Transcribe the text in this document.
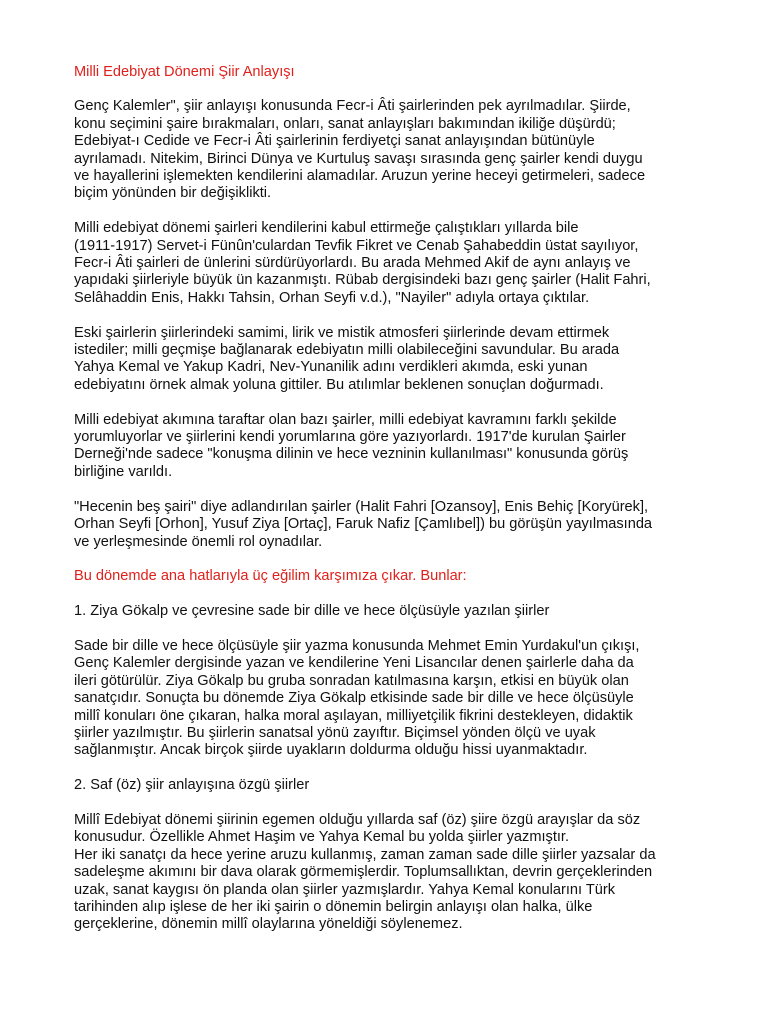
Milli Edebiyat Dönemi Şiir Anlayışı

Genç Kalemler", şiir anlayışı konusunda Fecr-i Âti şairlerinden pek ayrılmadılar. Şiirde,
konu seçimini şaire bırakmaları, onları, sanat anlayışları bakımından ikiliğe düşürdü;
Edebiyat-ı Cedide ve Fecr-i Âti şairlerinin ferdiyetçi sanat anlayışından bütünüyle
ayrılamadı. Nitekim, Birinci Dünya ve Kurtuluş savaşı sırasında genç şairler kendi duygu
ve hayallerini işlemekten kendilerini alamadılar. Aruzun yerine heceyi getirmeleri, sadece
biçim yönünden bir değişiklikti.

Milli edebiyat dönemi şairleri kendilerini kabul ettirmeğe çalıştıkları yıllarda bile
(1911-1917) Servet-i Fünûn'culardan Tevfik Fikret ve Cenab Şahabeddin üstat sayılıyor,
Fecr-i Âti şairleri de ünlerini sürdürüyorlardı. Bu arada Mehmed Akif de aynı anlayış ve
yapıdaki şiirleriyle büyük ün kazanmıştı. Rübab dergisindeki bazı genç şairler (Halit Fahri,
Selâhaddin Enis, Hakkı Tahsin, Orhan Seyfi v.d.), "Nayiler" adıyla ortaya çıktılar.

Eski şairlerin şiirlerindeki samimi, lirik ve mistik atmosferi şiirlerinde devam ettirmek
istediler; milli geçmişe bağlanarak edebiyatın milli olabileceğini savundular. Bu arada
Yahya Kemal ve Yakup Kadri, Nev-Yunanilik adını verdikleri akımda, eski yunan
edebiyatını örnek almak yoluna gittiler. Bu atılımlar beklenen sonuçlan doğurmadı.

Milli edebiyat akımına taraftar olan bazı şairler, milli edebiyat kavramını farklı şekilde
yorumluyorlar ve şiirlerini kendi yorumlarına göre yazıyorlardı. 1917'de kurulan Şairler
Derneği'nde sadece "konuşma dilinin ve hece vezninin kullanılması" konusunda görüş
birliğine varıldı.

"Hecenin beş şairi" diye adlandırılan şairler (Halit Fahri [Ozansoy], Enis Behiç [Koryürek],
Orhan Seyfi [Orhon], Yusuf Ziya [Ortaç], Faruk Nafiz [Çamlıbel]) bu görüşün yayılmasında
ve yerleşmesinde önemli rol oynadılar.

Bu dönemde ana hatlarıyla üç eğilim karşımıza çıkar. Bunlar:
1. Ziya Gökalp ve çevresine sade bir dille ve hece ölçüsüyle yazılan şiirler

Sade bir dille ve hece ölçüsüyle şiir yazma konusunda Mehmet Emin Yurdakul'un çıkışı,
Genç Kalemler dergisinde yazan ve kendilerine Yeni Lisancılar denen şairlerle daha da
ileri götürülür. Ziya Gökalp bu gruba sonradan katılmasına karşın, etkisi en büyük olan
sanatçıdır. Sonuçta bu dönemde Ziya Gökalp etkisinde sade bir dille ve hece ölçüsüyle
millî konuları öne çıkaran, halka moral aşılayan, milliyetçilik fikrini destekleyen, didaktik
şiirler yazılmıştır. Bu şiirlerin sanatsal yönü zayıftır. Biçimsel yönden ölçü ve uyak
sağlanmıştır. Ancak birçok şiirde uyakların doldurma olduğu hissi uyanmaktadır.

2. Saf (öz) şiir anlayışına özgü şiirler

Millî Edebiyat dönemi şiirinin egemen olduğu yıllarda saf (öz) şiire özgü arayışlar da söz
konusudur. Özellikle Ahmet Haşim ve Yahya Kemal bu yolda şiirler yazmıştır.
Her iki sanatçı da hece yerine aruzu kullanmış, zaman zaman sade dille şiirler yazsalar da
sadeleşme akımını bir dava olarak görmemişlerdir. Toplumsallıktan, devrin gerçeklerinden
uzak, sanat kaygısı ön planda olan şiirler yazmışlardır. Yahya Kemal konularını Türk
tarihinden alıp işlese de her iki şairin o dönemin belirgin anlayışı olan halka, ülke
gerçeklerine, dönemin millî olaylarına yöneldiği söylenemez.
